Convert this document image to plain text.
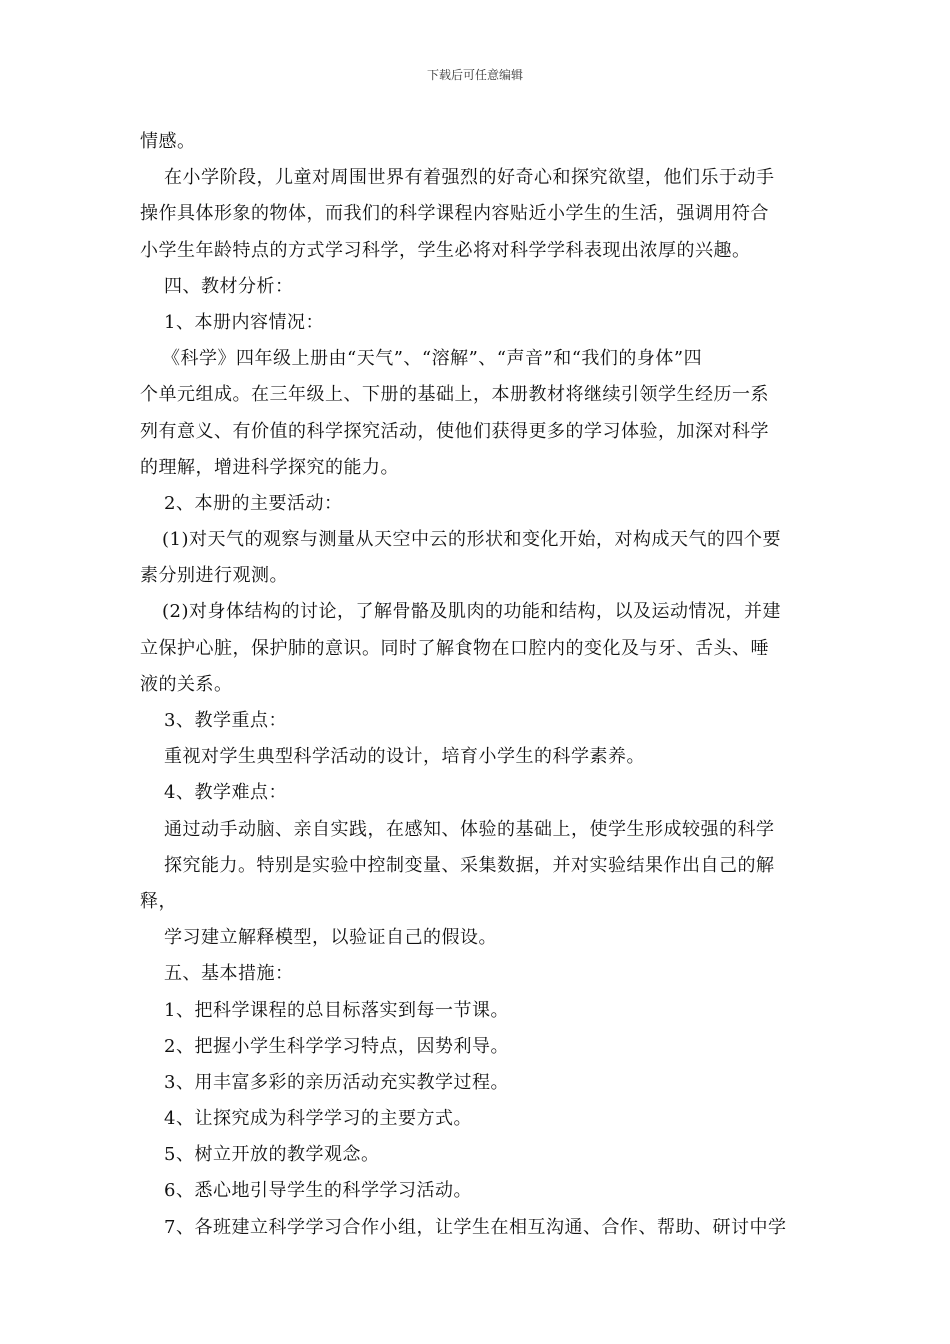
下载后可任意编辑
情感。
在小学阶段，儿童对周围世界有着强烈的好奇心和探究欲望，他们乐于动手
操作具体形象的物体，而我们的科学课程内容贴近小学生的生活，强调用符合
小学生年龄特点的方式学习科学，学生必将对科学学科表现出浓厚的兴趣。
四、教材分析：
1、本册内容情况：
《科学》四年级上册由“天气”、“溶解”、“声音”和“我们的身体”四
个单元组成。在三年级上、下册的基础上，本册教材将继续引领学生经历一系
列有意义、有价值的科学探究活动，使他们获得更多的学习体验，加深对科学
的理解，增进科学探究的能力。
2、本册的主要活动：
(1)对天气的观察与测量从天空中云的形状和变化开始，对构成天气的四个要
素分别进行观测。
(2)对身体结构的讨论，了解骨骼及肌肉的功能和结构，以及运动情况，并建
立保护心脏，保护肺的意识。同时了解食物在口腔内的变化及与牙、舌头、唾
液的关系。
3、教学重点：
重视对学生典型科学活动的设计，培育小学生的科学素养。
4、教学难点：
通过动手动脑、亲自实践，在感知、体验的基础上，使学生形成较强的科学
探究能力。特别是实验中控制变量、采集数据，并对实验结果作出自己的解
释，
学习建立解释模型，以验证自己的假设。
五、基本措施：
1、把科学课程的总目标落实到每一节课。
2、把握小学生科学学习特点，因势利导。
3、用丰富多彩的亲历活动充实教学过程。
4、让探究成为科学学习的主要方式。
5、树立开放的教学观念。
6、悉心地引导学生的科学学习活动。
7、各班建立科学学习合作小组，让学生在相互沟通、合作、帮助、研讨中学
